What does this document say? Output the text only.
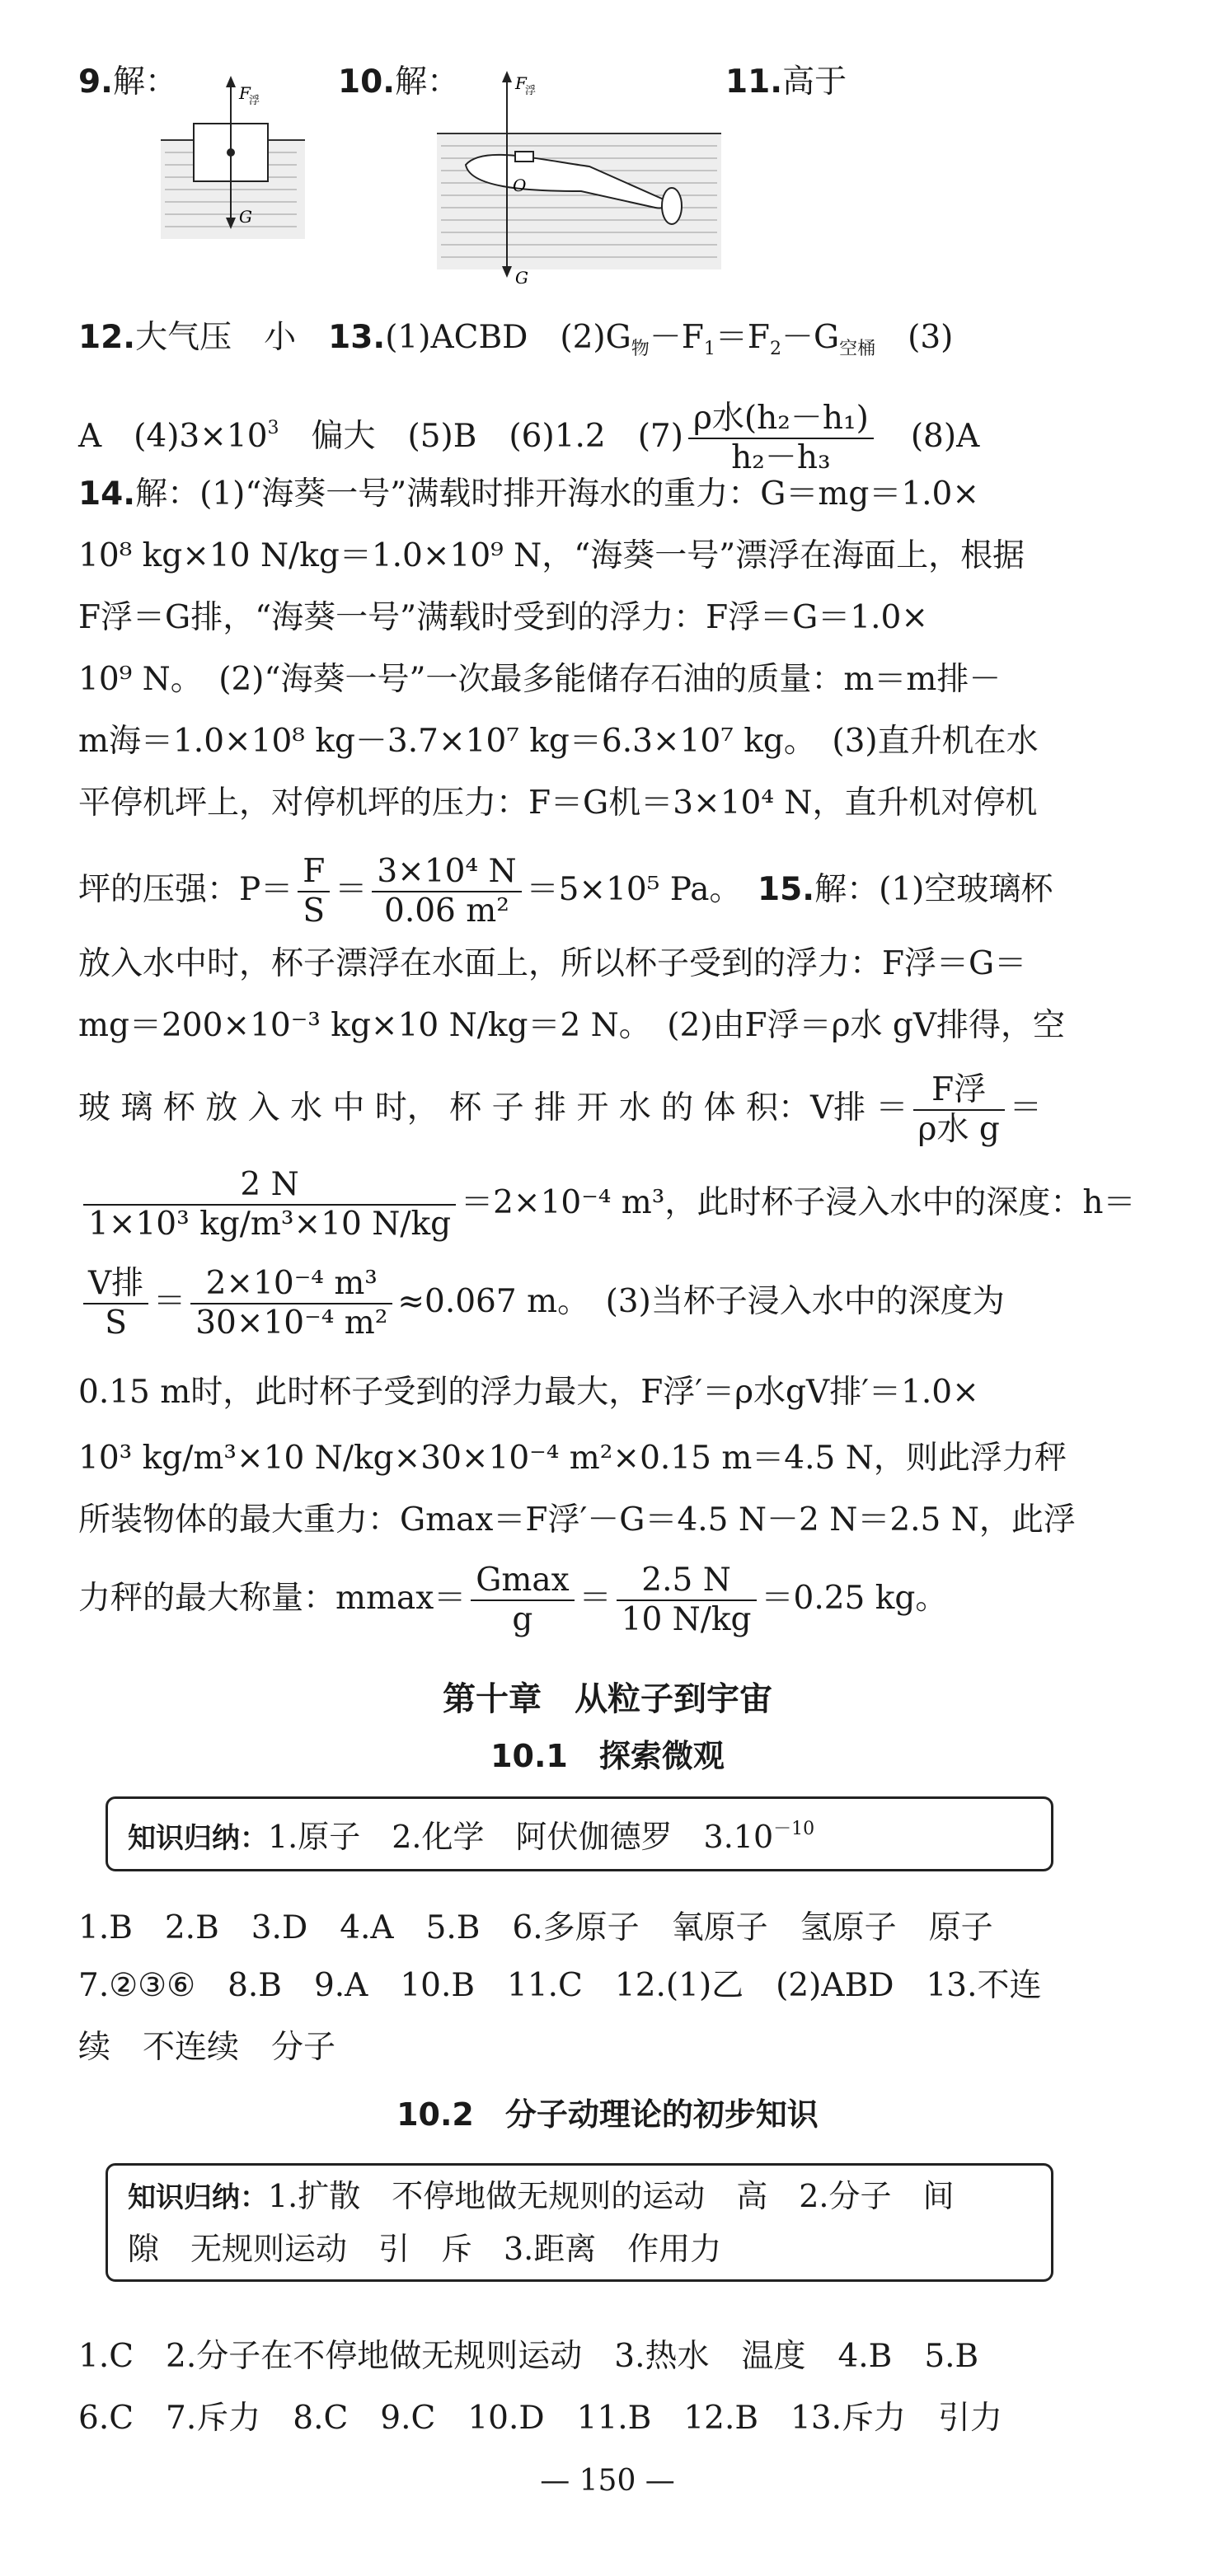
9.解：	F
浮
G
10.解：	F
浮
O
G
11.高于
12.大气压　小　 13.(1)ACBD　$(2)G_物-F_1=F_2-G_{空桶}$　(3)
A　$(4)3\times 10^3$　偏大　(5)B　(6)1.2　$(7) \frac{\text{ρ水(h₂－h₁)}}{\text{h₂－h₃}}$ 　(8)A
14.解：(1)“海葵一号”满载时排开海水的重力：G＝mg＝1.0×
10⁸ kg×10 N/kg＝1.0×10⁹ N，“海葵一号”漂浮在海面上，根据
F浮＝G排，“海葵一号”满载时受到的浮力：F浮＝G＝1.0×
10⁹ N。　(2)“海葵一号”一次最多能储存石油的质量：m＝m排－
m海＝1.0×10⁸ kg－3.7×10⁷ kg＝6.3×10⁷ kg。　(3)直升机在水
平停机坪上，对停机坪的压力：F＝G机＝3×10⁴ N，直升机对停机
坪的压强：$P= \frac{F}{S} = \frac{\text{3×10⁴ N}}{\text{0.06 m²}} =5\times 10^5$ Pa。　 15.解：(1)空玻璃杯
放入水中时，杯子漂浮在水面上，所以杯子受到的浮力：F浮＝G＝
mg＝200×10⁻³ kg×10 N/kg＝2 N。　(2)由F浮＝ρ水 gV排得，空
玻 璃 杯 放 入 水 中 时， 杯 子 排 开 水 的 体 积：V排 ＝ $\frac{\text{F浮}}{\text{ρ水 g}}$ ＝
$\frac{2 N}{\text{1×10³ kg/m³×10 N/kg}} =2\times 10^{-4}$ m³，此时杯子浸入水中的深度：h＝
$\frac{\text{V排}}{S} = \frac{\text{2×10⁻⁴ m³}}{\text{30×10⁻⁴ m²}} \approx 0.067$ m。　(3)当杯子浸入水中的深度为
0.15 m时，此时杯子受到的浮力最大，F浮′＝ρ水gV排′＝1.0×
10³ kg/m³×10 N/kg×30×10⁻⁴ m²×0.15 m＝4.5 N，则此浮力秤
所装物体的最大重力：Gmax＝F浮′－G＝4.5 N－2 N＝2.5 N，此浮
力秤的最大称量：$mmax= \frac{Gmax}{g} = \frac{2.5 N}{10 N/kg} =0.25$ kg。
第十章　从粒子到宇宙
10.1　探索微观
知识归纳：1.原子　2.化学　阿伏伽德罗　$3.10^{-10}$
1.B　2.B　3.D　4.A　5.B　6.多原子　氧原子　氢原子　原子
7.②③⑥　8.B　9.A　10.B　11.C　12.(1)乙　(2)ABD　13.不连
续　不连续　分子
10.2　分子动理论的初步知识
知识归纳：1.扩散　不停地做无规则的运动　高　2.分子　间
隙　无规则运动　引　斥　3.距离　作用力
1.C　2.分子在不停地做无规则运动　3.热水　温度　4.B　5.B
6.C　7.斥力　8.C　9.C　10.D　11.B　12.B　13.斥力　引力
— 150 —
